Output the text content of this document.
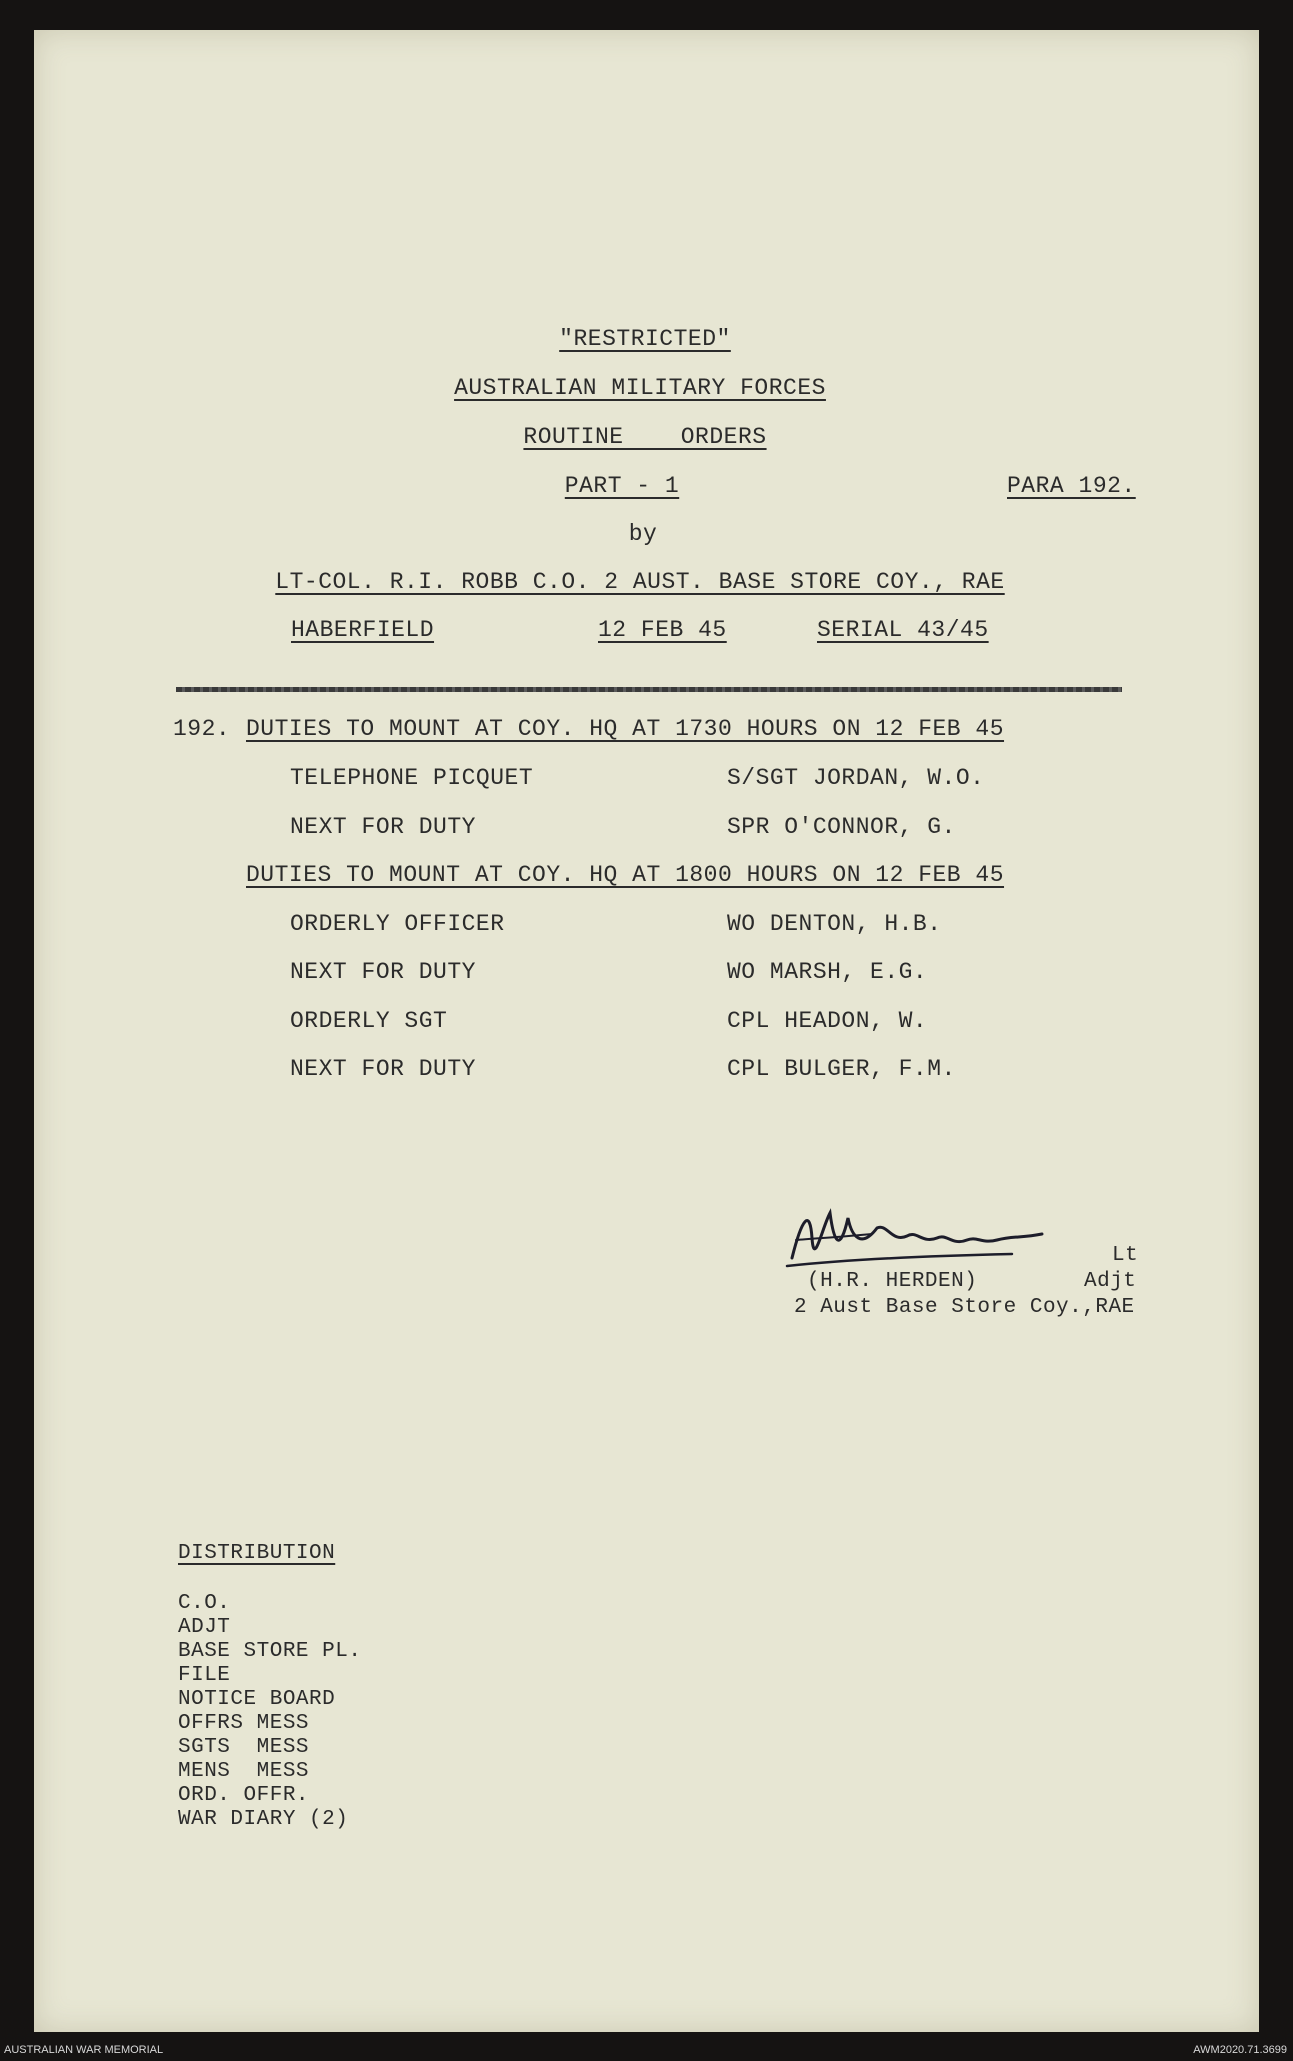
"RESTRICTED"
AUSTRALIAN MILITARY FORCES
ROUTINE    ORDERS
PART - 1	PARA 192.
by
LT-COL. R.I. ROBB C.O. 2 AUST. BASE STORE COY., RAE
HABERFIELD	12 FEB 45	SERIAL 43/45
192. DUTIES TO MOUNT AT COY. HQ AT 1730 HOURS ON 12 FEB 45
TELEPHONE PICQUET	S/SGT JORDAN, W.O.
NEXT FOR DUTY	SPR O'CONNOR, G.
DUTIES TO MOUNT AT COY. HQ AT 1800 HOURS ON 12 FEB 45
ORDERLY OFFICER	WO DENTON, H.B.
NEXT FOR DUTY	WO MARSH, E.G.
ORDERLY SGT	CPL HEADON, W.
NEXT FOR DUTY	CPL BULGER, F.M.
Lt
(H.R. HERDEN)	Adjt
2 Aust Base Store Coy.,RAE
DISTRIBUTION
C.O.
ADJT
BASE STORE PL.
FILE
NOTICE BOARD
OFFRS MESS
SGTS  MESS
MENS  MESS
ORD. OFFR.
WAR DIARY (2)
AUSTRALIAN WAR MEMORIAL	AWM2020.71.3699
